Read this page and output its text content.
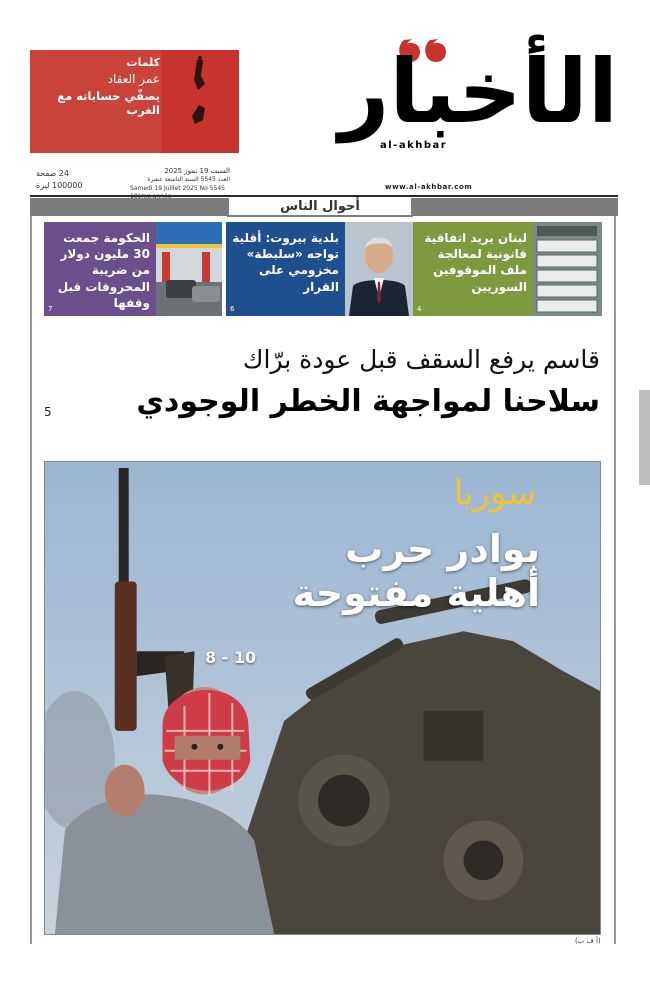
كلمات
عمر العقاد
يصفّي حساباته مع الغرب الأخبار
al-akhbar
السبت 19 تموز 2025
العدد 5545 السنة التاسعة عشرة
Samedi 19 Juillet 2025 No 5545
24 صفحة
100000 ليرة	www.al-akhbar.com
أحوال الناس
لبنان يريد اتفاقية قانونية لمعالجة ملف الموقوفين السوريين
4
بلدية بيروت: أقلية تواجه «سلبطة» مخزومي على القرار
6
الحكومة جمعت 30 مليون دولار من ضريبة المحروقات قبل وقفها
7
قاسم يرفع السقف قبل عودة برّاك
سلاحنا لمواجهة الخطر الوجودي
5
سوريا
بوادر حرب
أهلية مفتوحة
8 - 10
(أ ف ب)
